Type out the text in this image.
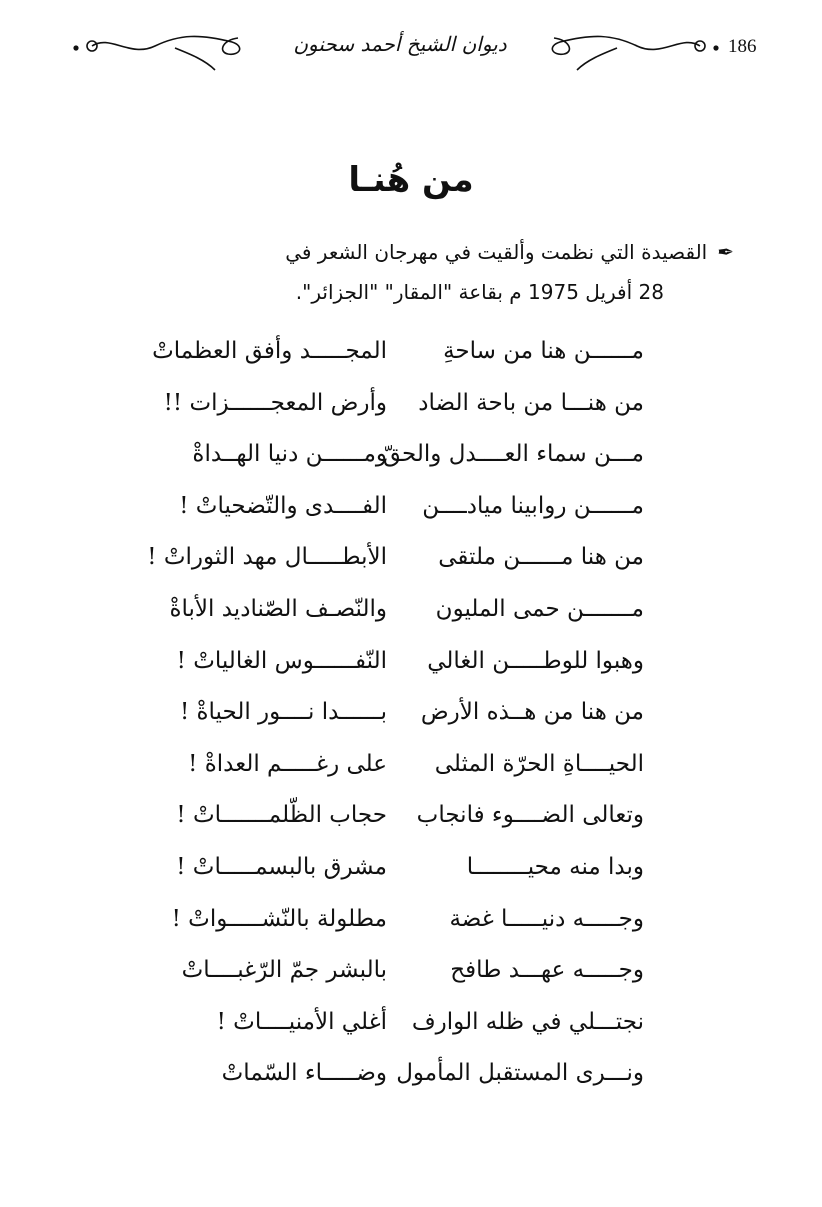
186
ديوان الشيخ أحمد سحنون
من هُنـا
✒القصيدة التي نظمت وألقيت في مهرجان الشعر في
28 أفريل 1975 م بقاعة "المقار" "الجزائر".
مــــــن هنا من ساحةِ
المجـــــد وأفق العظماتْ
من هنـــا من باحة الضاد
وأرض المعجــــــزات !!
مـــن سماء العــــدل والحقّ
ومــــــن دنيا الهــداةْ
مــــــن روابينا ميادــــن
الفــــدى والتّضحياتْ !
من هنا مــــــن ملتقى
الأبطـــــال مهد الثوراتْ !
مـــــــن حمى المليون
والنّصـف الصّناديد الأباةْ
وهبوا للوطـــــن الغالي
النّفــــــوس الغالياتْ !
من هنا من هــذه الأرض
بــــــدا نــــور الحياةْ !
الحيــــاةِ الحرّة المثلى
على رغـــــم العداةْ !
وتعالى الضــــوء فانجاب
حجاب الظّلمـــــــاتْ !
وبدا منه محيــــــــا
مشرق بالبسمـــــاتْ !
وجـــــه دنيـــــا غضة
مطلولة بالنّشـــــواتْ !
وجـــــه عهـــد طافح
بالبشر جمّ الرّغبــــاتْ
نجتـــلي في ظله الوارف
أغلي الأمنيــــاتْ !
ونـــرى المستقبل المأمول
وضـــــاء السّماتْ
